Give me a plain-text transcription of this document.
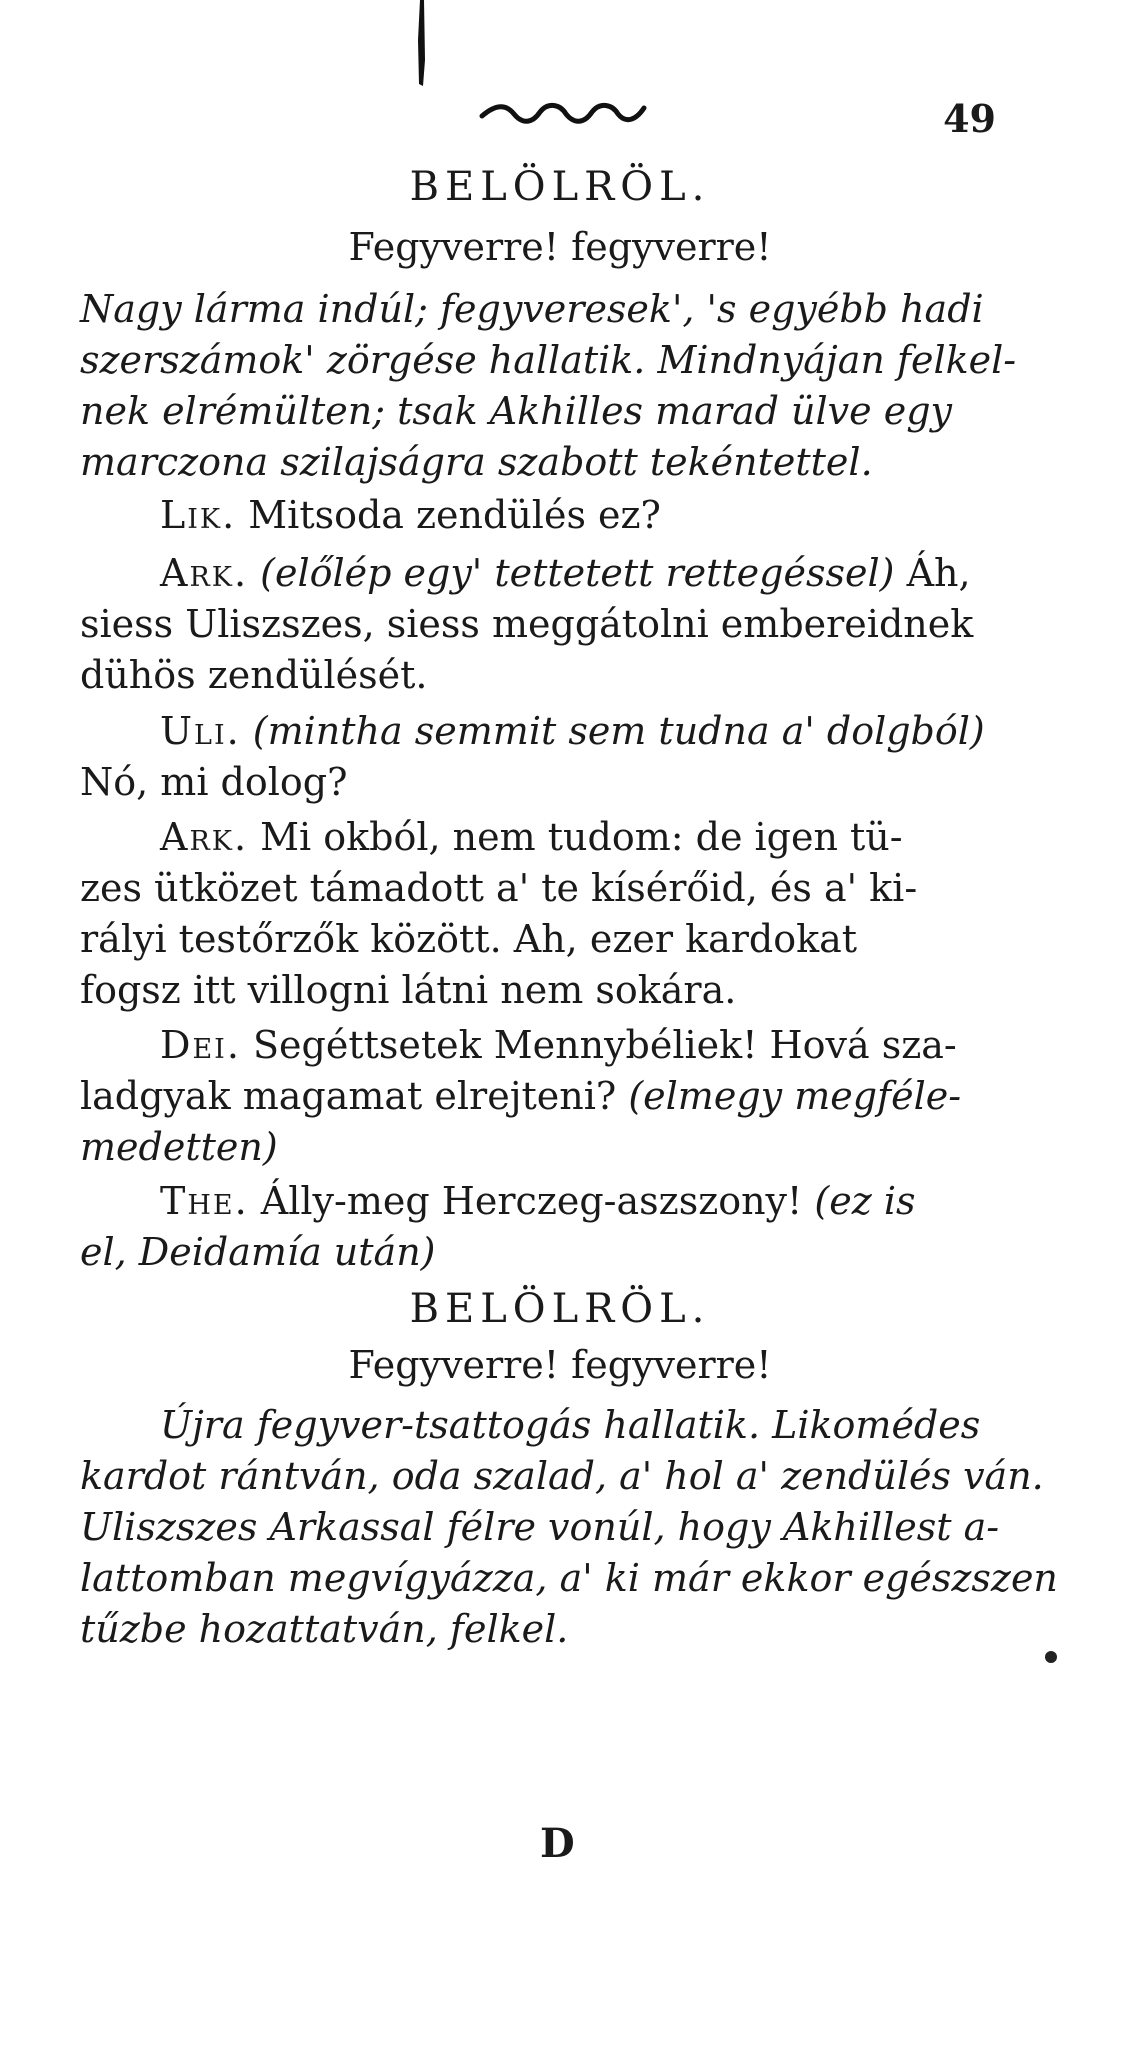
49
BELÖLRÖL.
Fegyverre! fegyverre!
Nagy lárma indúl; fegyveresek', 's egyébb hadi
szerszámok' zörgése hallatik. Mindnyájan felkel-
nek elrémülten; tsak Akhilles marad ülve egy
marczona szilajságra szabott tekéntettel.
Lik. Mitsoda zendülés ez?
Ark. (előlép egy' tettetett rettegéssel) Áh,
siess Uliszszes, siess meggátolni embereidnek
dühös zendülését.
Uli. (mintha semmit sem tudna a' dolgból)
Nó, mi dolog?
Ark. Mi okból, nem tudom: de igen tü-
zes ütközet támadott a' te kísérőid, és a' ki-
rályi testőrzők között. Ah, ezer kardokat
fogsz itt villogni látni nem sokára.
Dei. Segéttsetek Mennybéliek! Hová sza-
ladgyak magamat elrejteni? (elmegy megféle-
medetten)
The. Álly-meg Herczeg-aszszony! (ez is
el, Deidamía után)
BELÖLRÖL.
Fegyverre! fegyverre!
Újra fegyver-tsattogás hallatik. Likomédes
kardot rántván, oda szalad, a' hol a' zendülés ván.
Uliszszes Arkassal félre vonúl, hogy Akhillest a-
lattomban megvígyázza, a' ki már ekkor egészszen
tűzbe hozattatván, felkel.
D
